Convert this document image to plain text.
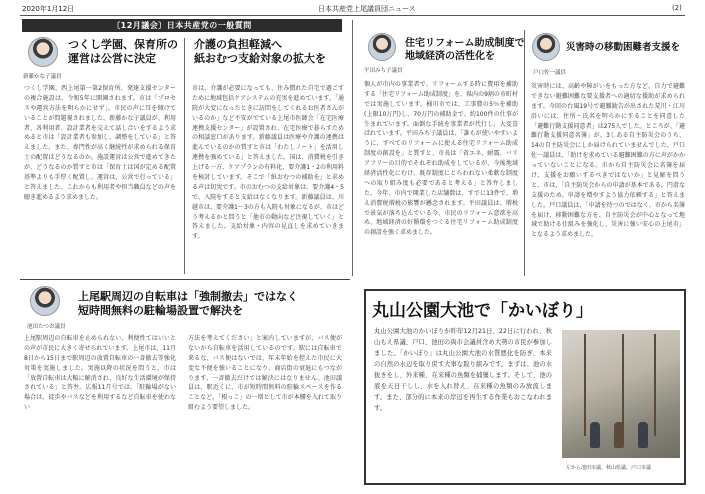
2020年1月12日	日本共産党上尾議員団ニュース	(2)
〔12月議会〕日本共産党の一般質問
新藤かな子議員
つくし学園、保育所の
運営は公営に決定
つくし学園、西上尾第一第2保育所、発達支援センターの複合施設は、令和5年に開園されます。市は「プロセスや運営方法を明らかにせず」。市民の声に耳を傾けていることが問題視されました。新藤かな子議員が、利用者、各利用者、設計業者を交えて話し合いをするよう求めると市は「設計業者も参加し、調整をしている」と答えました。また、専門性が高く継続性が求められる保育士の配置はどうなるのか。施設運営は公営で進めてきたが、どうなるのか質すと市は「保育士は国が定める配置基準よりも手厚く配置し、運営は、公営で行っている」と答えました。これからも利用者や担当職員などの声を聴き進めるよう求めました。
介護の負担軽減へ
紙おむつ支給対象の拡大を
市は、介護が必要になっても、住み慣れた自宅で過ごすために地域包括ケアシステムの充実を進めています。「通院が大変になったときに訪問をしてくれるお医者さんがいるのか」など不安がでている上尾市医師会「在宅医療連携支援センター」が設置され、在宅医療で暮らすための相談窓口があります。新藤議員は医療や介護の連携は進んでいるのかの質すと市は「わたしノート」を活用し連携を強めている」と答えました。国は、消費税を引き上げる一方、ケアプランの有料化、要介護1・2の利用料を検討しています。そこで「紙おむつの補助を」と求める声は切実です。市のおむつの支給対象は、要介護4・5で、入院をすると支給はなくなります。新藤議員は、川越市は、要介護1〜3の方も入院も対象になるが、市はどう考えるかと問うと「他市の動向など注視していく」と答えました。支給対象・内容の見直しを求めていきます。
平田みち子議員
住宅リフォーム助成制度で
地域経済の活性化を
個人が市内の事業者で、リフォームする時に費用を補助する「住宅リフォーム助成制度」を、県内の9割の市町村では実施しています。桶川市では、工事費の5％を補助(上限10万円)し、70万円の補助金で、約100件の仕事が生まれています。面倒な手続を事業者が代行し、大変喜ばれています。平田みち子議員は、「誰もが使いやすいように、すべてのリフォームに使える住宅リフォーム助成制度の創設を」と質すと、市長は「省エネ、耐震、バリアフリーの目的でそれぞれ助成をしているが、今後地域経済活性化にむけ、既存制度にとらわれない柔軟な制度への取り組み度も必要であると考える」と答弁しました。今年、市内で開業した店舗数は、すでに13件で、増え消費税増税の影響が懸念されます。平田議員は、増税で景気が落ち込んでいる今、市民のリフォーム意欲を高め、地域経済の好循環をつくる住宅リフォーム助成制度の創設を強く求めました。
戸口佐一議員
災害時の移動困難者支援を
災害時には、高齢や障がいをもった方など、自力で避難できない避難困難な要支援者への適切な援助が求められます。今回の台風19号で避難勧告が出された荒川・江川沿いには、住所・氏名を明らかにすることを同意した「避難行動支援同意者」は275人でした。ところが、「避難行動支援同意名簿」が、3しある自主防災会のうち、14の自主防災会にしか届けられていませんでした。戸口佐一議員は、「助けを求めている避難困難の方に声がかかっていないことになる。市から自主防災会に名簿を届け、支援をお願いするべきではないか」と見解を問うと、市は、「自主防災会からの申請が基本である。円滑な支援のため、申請を增やすよう協力依頼する」と答えました。戸口議員は、「申請を待つのではなく、市から名簿を届け、移動困難な方を、自主防災会が中心となって地域で助ける仕組みを強化し、災害に強い安心の上尾市」となるよう求めました。
池田たつお議員
上尾駅周辺の自転車は「強制撤去」ではなく
短時間無料の駐輪場設置で解決を
上尾駅周辺の自転車を止められない、利便性てはいいとの声が市民に大きく寄せられています。上尾市は、11月8日から15日まで駅周辺の放置自転車の一斉撤去等強化対策を実施しました。実施以降の状況を問うと、市は「放置自転車は大幅に解消され、良好な生活環境が保持されている」と答弁。広報11月号では、「駐輪場がない場合は、徒歩やバスなどを利用するなど自転車を使わない
方法を考えてください」と案内していますが、バス便がないから自転車を活用しているのです。駅には自転車で来るな、バス便はないでは、年末年始を控えた市民に大変な不便を強いることになり、商店街の衰退にもつながります。一斉撤去だけでは解決にはなりません。池田議員は、駅近くに、市が短時間無料の駐輪スペースを作ることなど、「根っこ」の一増として市が本腰を入れて取り組むよう要望しました。
丸山公園大池で「かいぼり」
丸山公園大池のかいぼりが昨年12月21日、22日に行われ、秋山もえ県議、戸口、池田の両市会議員含め大勢の市民が参加しました。「かいぼり」は丸山公園大池の水質悪化を防ぎ、本来の自然の水辺を取り戻す大事な取り組みです。まずは、池の水抜きをし、外来種、在来種の魚類を捕獲します。そして、池の底を天日干しし、水を入れ替え、在来種の魚類のみ放流します。また、部分的に本来の岸辺を再生する作業もおこなわれます。
左から池田市議、秋山県議、戸口市議
